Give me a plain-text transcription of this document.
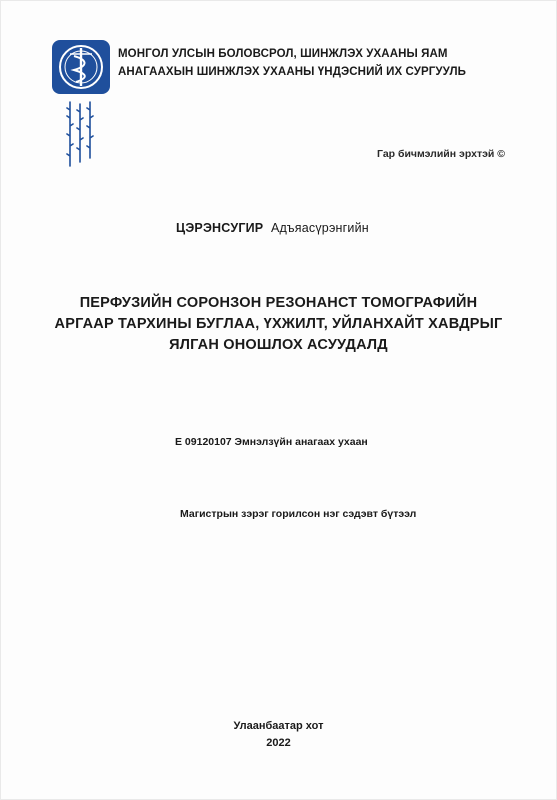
МОНГОЛ УЛСЫН БОЛОВСРОЛ, ШИНЖЛЭХ УХААНЫ ЯАМ
АНАГААХЫН ШИНЖЛЭХ УХААНЫ ҮНДЭСНИЙ ИХ СУРГУУЛЬ
Гар бичмэлийн эрхтэй ©
ЦЭРЭНСУГИР Адъяасүрэнгийн
ПЕРФУЗИЙН СОРОНЗОН РЕЗОНАНСТ ТОМОГРАФИЙН
АРГААР ТАРХИНЫ БУГЛАА, ҮХЖИЛТ, УЙЛАНХАЙТ ХАВДРЫГ
ЯЛГАН ОНОШЛОХ АСУУДАЛД
Е 09120107 Эмнэлзүйн анагаах ухаан
Магистрын зэрэг горилсон нэг сэдэвт бүтээл
Улаанбаатар хот
2022
